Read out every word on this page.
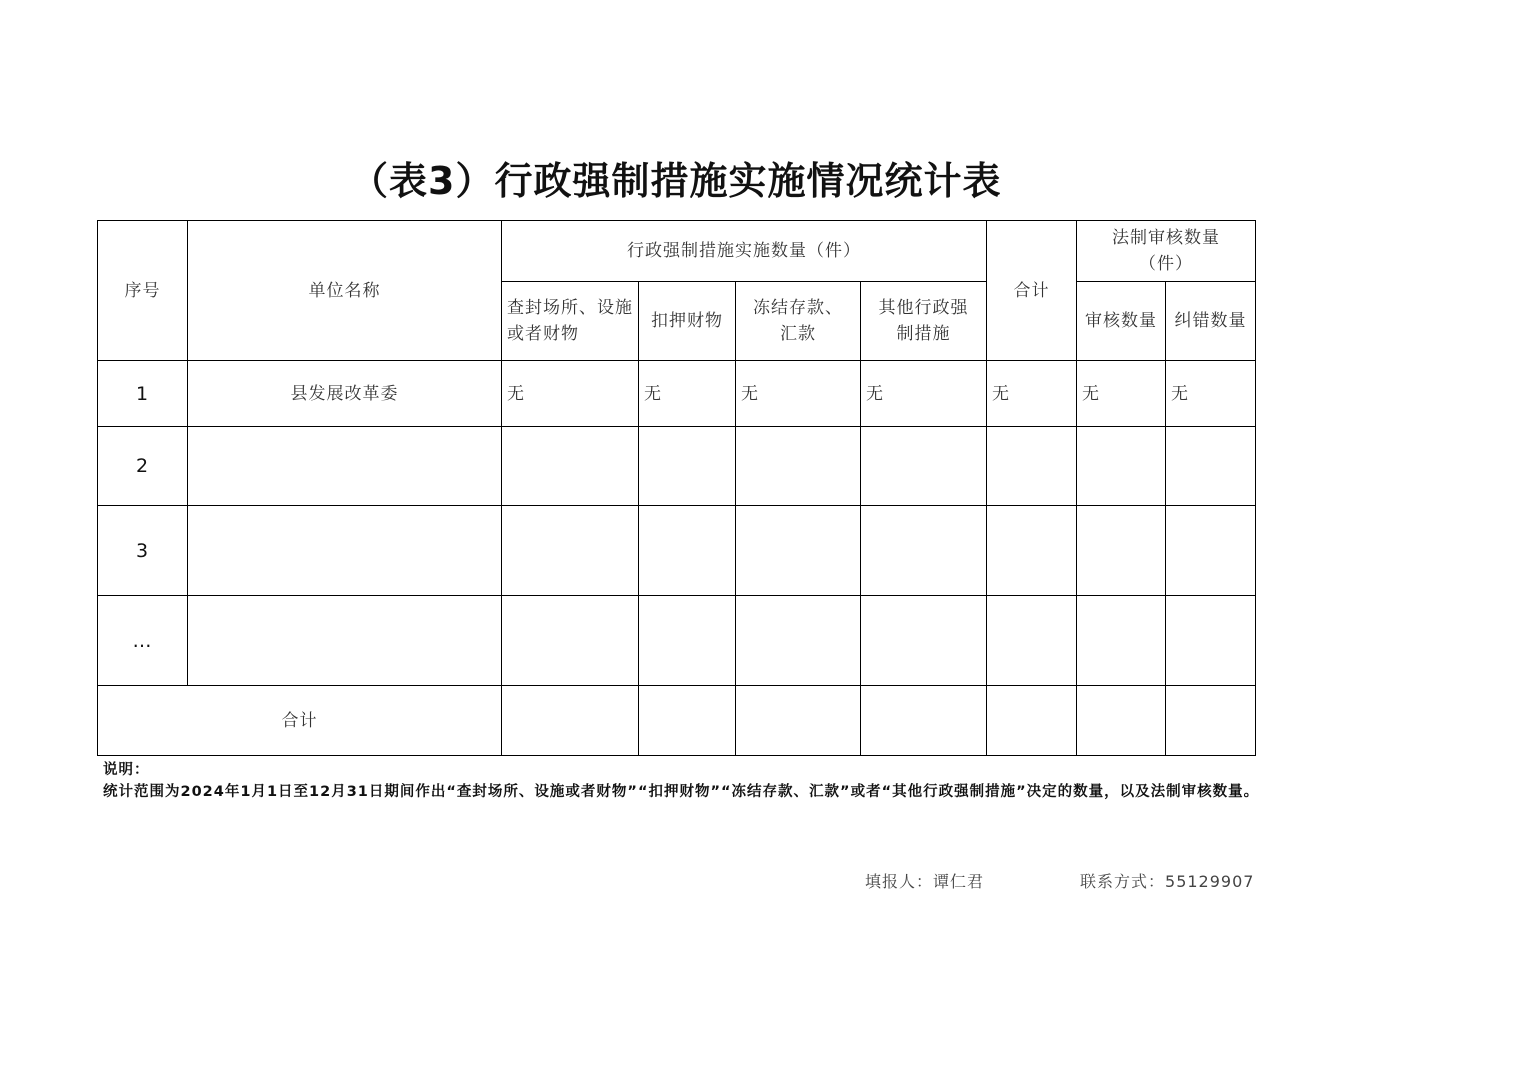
（表3）行政强制措施实施情况统计表
序号	单位名称	行政强制措施实施数量（件）				合计	法制审核数量（件）	
		查封场所、设施或者财物	扣押财物	冻结存款、汇款	其他行政强制措施		审核数量	纠错数量
1	县发展改革委	无	无	无	无	无	无	无
2								
3								
…								
合计								
说明：
统计范围为2024年1月1日至12月31日期间作出“查封场所、设施或者财物”“扣押财物”“冻结存款、汇款”或者“其他行政强制措施”决定的数量，以及法制审核数量。
填报人：谭仁君	联系方式：55129907
